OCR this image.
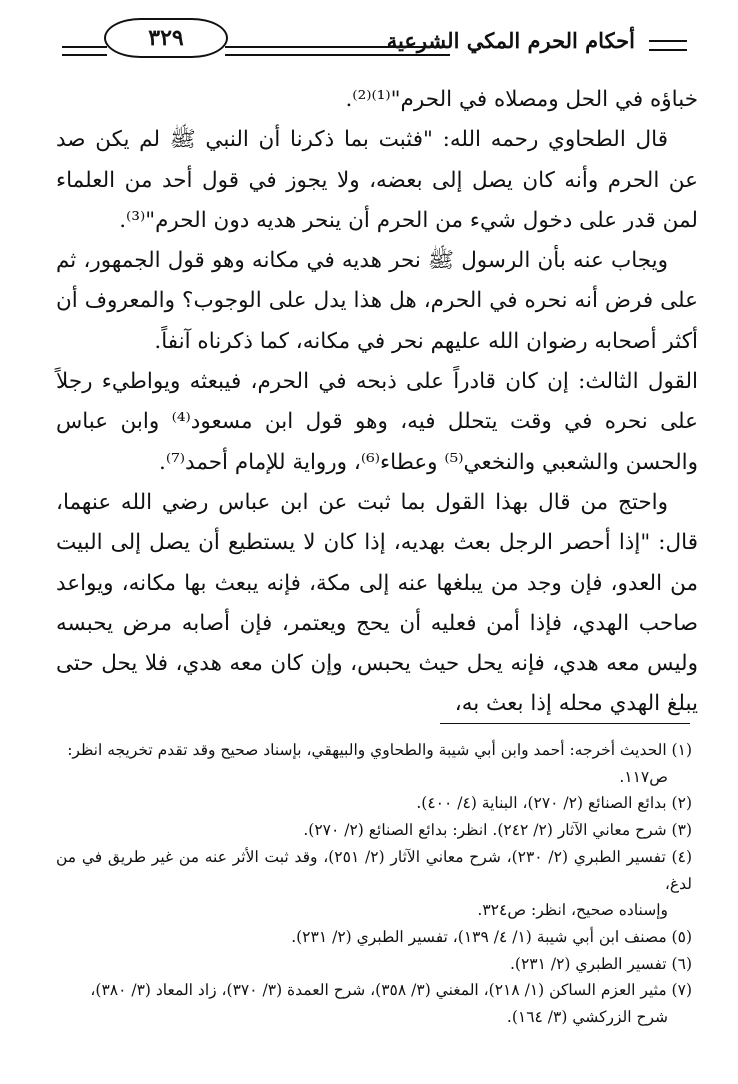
أحكام الحرم المكي الشرعية
٣٢٩

خباؤه في الحل ومصلاه في الحرم"⁽¹⁾⁽²⁾.

قال الطحاوي رحمه الله: "فثبت بما ذكرنا أن النبي ﷺ لم يكن صد عن الحرم وأنه كان يصل إلى بعضه، ولا يجوز في قول أحد من العلماء لمن قدر على دخول شيء من الحرم أن ينحر هديه دون الحرم"⁽³⁾.

ويجاب عنه بأن الرسول ﷺ نحر هديه في مكانه وهو قول الجمهور، ثم على فرض أنه نحره في الحرم، هل هذا يدل على الوجوب؟ والمعروف أن أكثر أصحابه رضوان الله عليهم نحر في مكانه، كما ذكرناه آنفاً.

القول الثالث: إن كان قادراً على ذبحه في الحرم، فيبعثه ويواطيء رجلاً على نحره في وقت يتحلل فيه، وهو قول ابن مسعود⁽⁴⁾ وابن عباس والحسن والشعبي والنخعي⁽⁵⁾ وعطاء⁽⁶⁾، ورواية للإمام أحمد⁽⁷⁾.

واحتج من قال بهذا القول بما ثبت عن ابن عباس رضي الله عنهما، قال: "إذا أحصر الرجل بعث بهديه، إذا كان لا يستطيع أن يصل إلى البيت من العدو، فإن وجد من يبلغها عنه إلى مكة، فإنه يبعث بها مكانه، ويواعد صاحب الهدي، فإذا أمن فعليه أن يحج ويعتمر، فإن أصابه مرض يحبسه وليس معه هدي، فإنه يحل حيث يحبس، وإن كان معه هدي، فلا يحل حتى يبلغ الهدي محله إذا بعث به،

(١) الحديث أخرجه: أحمد وابن أبي شيبة والطحاوي والبيهقي، بإسناد صحيح وقد تقدم تخريجه انظر:

ص١١٧.

(٢) بدائع الصنائع (٢/ ٢٧٠)، البناية (٤/ ٤٠٠).

(٣) شرح معاني الآثار (٢/ ٢٤٢). انظر: بدائع الصنائع (٢/ ٢٧٠).

(٤) تفسير الطبري (٢/ ٢٣٠)، شرح معاني الآثار (٢/ ٢٥١)، وقد ثبت الأثر عنه من غير طريق في من لدغ،

وإسناده صحيح، انظر: ص٣٢٤.

(٥) مصنف ابن أبي شيبة (١/ ٤/ ١٣٩)، تفسير الطبري (٢/ ٢٣١).

(٦) تفسير الطبري (٢/ ٢٣١).

(٧) مثير العزم الساكن (١/ ٢١٨)، المغني (٣/ ٣٥٨)، شرح العمدة (٣/ ٣٧٠)، زاد المعاد (٣/ ٣٨٠)،

شرح الزركشي (٣/ ١٦٤).
